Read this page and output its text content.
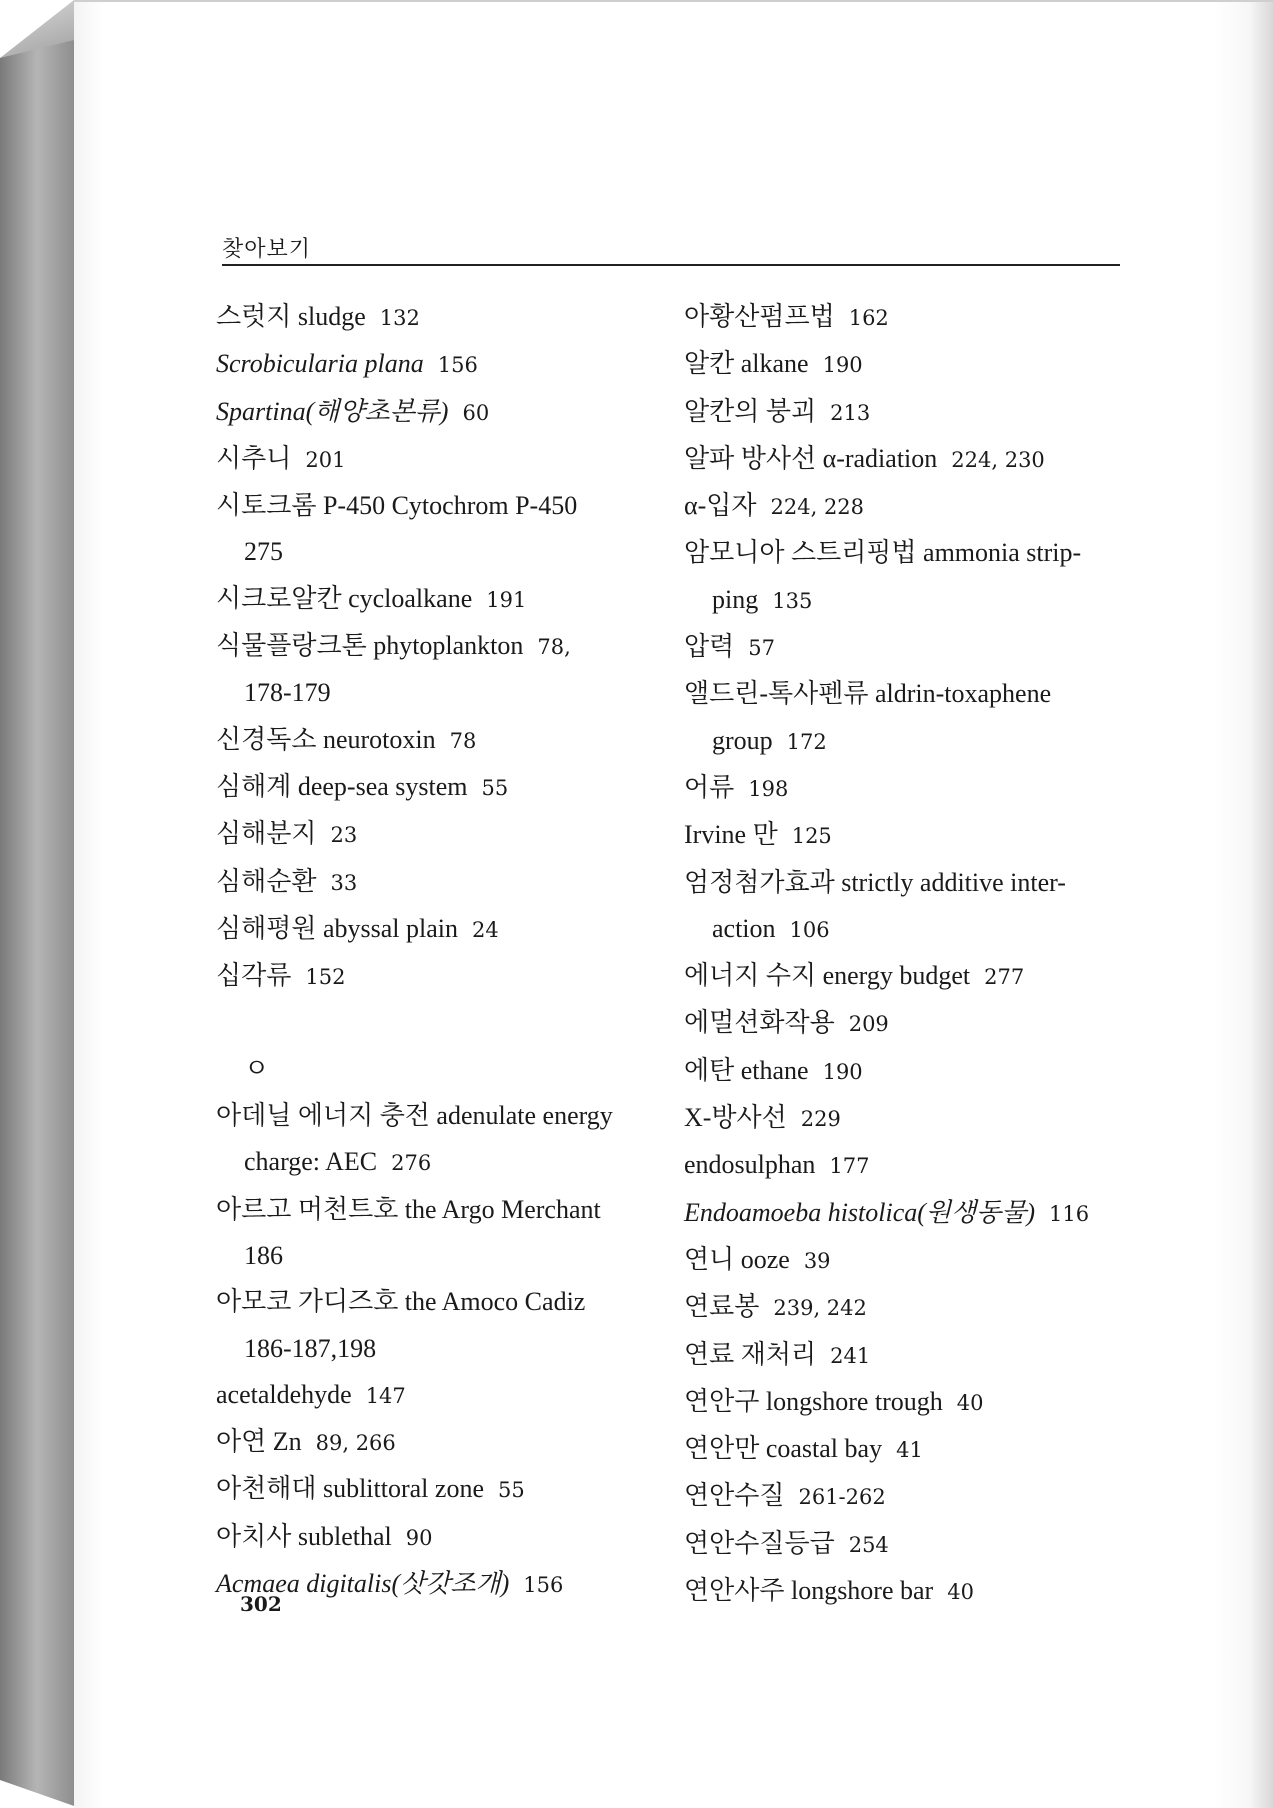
찾아보기
스럿지 sludge 132
Scrobicularia plana 156
Spartina(해양초본류) 60
시추니 201
시토크롬 P-450 Cytochrom P-450
275
시크로알칸 cycloalkane 191
식물플랑크톤 phytoplankton 78,
178-179
신경독소 neurotoxin 78
심해계 deep-sea system 55
심해분지 23
심해순환 33
심해평원 abyssal plain 24
십각류 152
ㅇ
아데닐 에너지 충전 adenulate energy
charge: AEC 276
아르고 머천트호 the Argo Merchant
186
아모코 가디즈호 the Amoco Cadiz
186-187,198
acetaldehyde 147
아연 Zn 89, 266
아천해대 sublittoral zone 55
아치사 sublethal 90
Acmaea digitalis(삿갓조개) 156
아황산펌프법 162
알칸 alkane 190
알칸의 붕괴 213
알파 방사선 α-radiation 224, 230
α-입자 224, 228
암모니아 스트리핑법 ammonia strip-
ping 135
압력 57
앨드린-톡사펜류 aldrin-toxaphene
group 172
어류 198
Irvine 만 125
엄정첨가효과 strictly additive inter-
action 106
에너지 수지 energy budget 277
에멀션화작용 209
에탄 ethane 190
X-방사선 229
endosulphan 177
Endoamoeba histolica(원생동물) 116
연니 ooze 39
연료봉 239, 242
연료 재처리 241
연안구 longshore trough 40
연안만 coastal bay 41
연안수질 261-262
연안수질등급 254
연안사주 longshore bar 40
302
